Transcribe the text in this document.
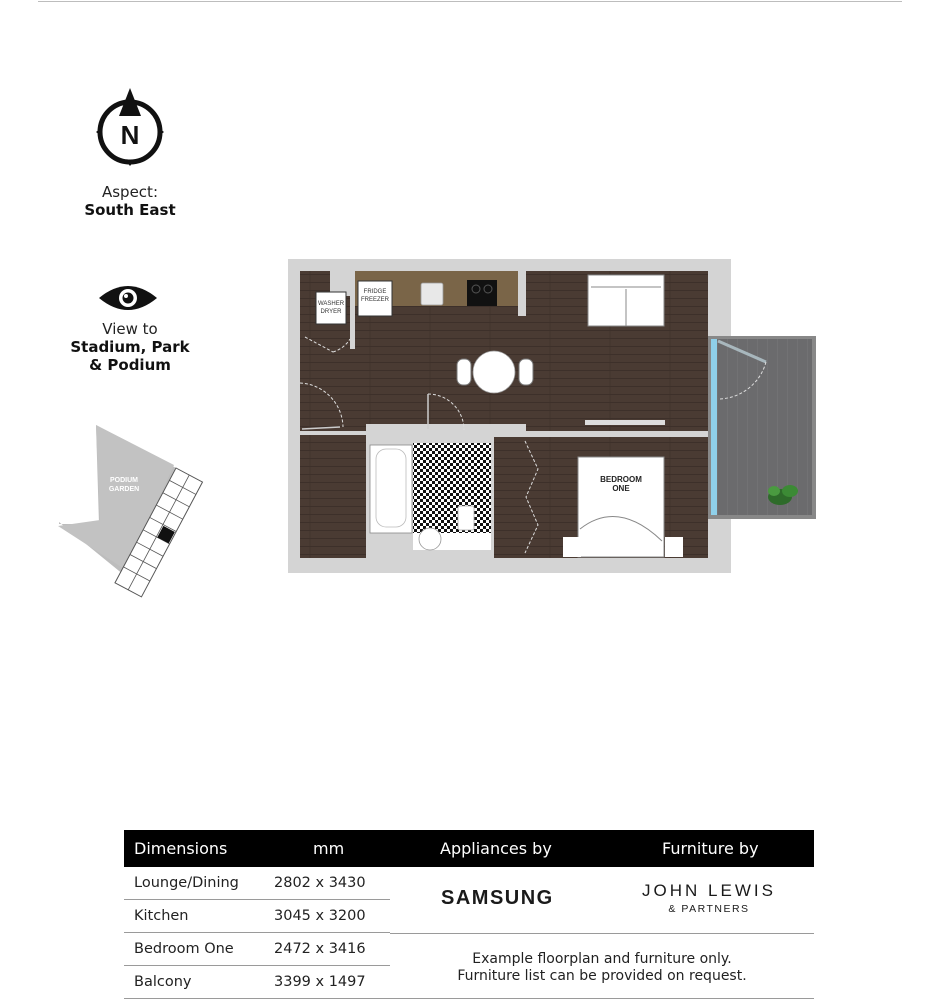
N
Aspect:
South East
View to
Stadium, Park
& Podium
PODIUM
GARDEN
FRIDGE
FREEZER
WASHER
DRYER
BEDROOM
ONE
Dimensions	mm	Appliances by	Furniture by
Lounge/Dining 2802 x 3430
Kitchen	3045 x 3200
Bedroom One	2472 x 3416
Balcony	3399 x 1497
SAMSUNG	JOHN LEWIS
& PARTNERS
Example floorplan and furniture only.
Furniture list can be provided on request.
